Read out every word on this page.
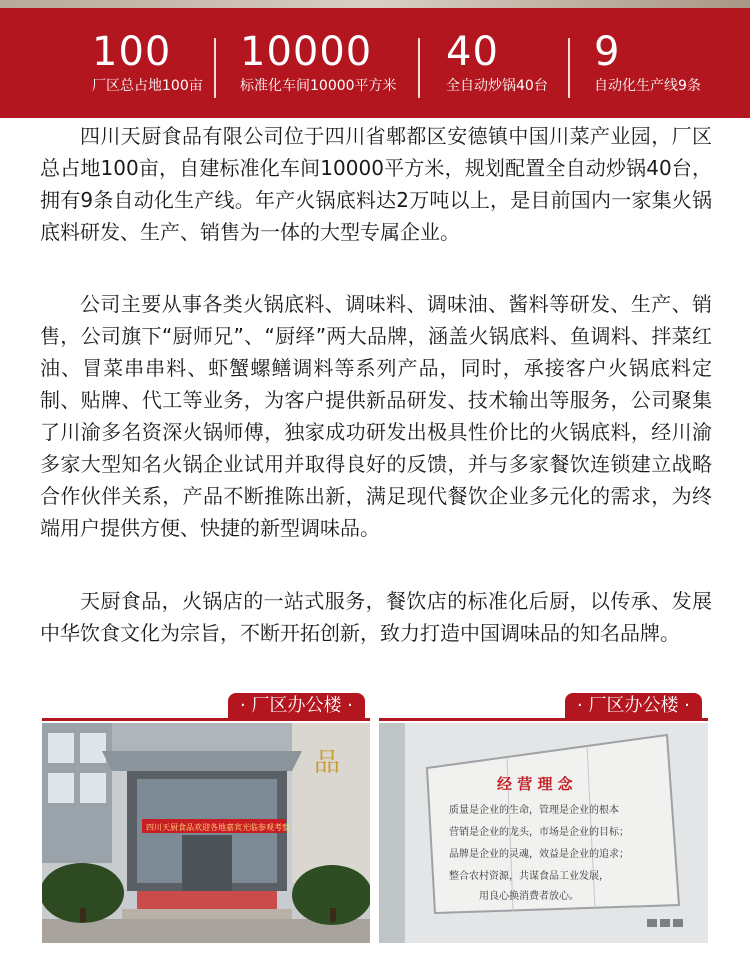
100
厂区总占地100亩
10000
标准化车间10000平方米
40
全自动炒锅40台
9
自动化生产线9条

四川天厨食品有限公司位于四川省郫都区安德镇中国川菜产业园，厂区总占地100亩，自建标准化车间10000平方米，规划配置全自动炒锅40台，拥有9条自动化生产线。年产火锅底料达2万吨以上，是目前国内一家集火锅底料研发、生产、销售为一体的大型专属企业。

公司主要从事各类火锅底料、调味料、调味油、酱料等研发、生产、销售，公司旗下“厨师兄”、“厨绎”两大品牌，涵盖火锅底料、鱼调料、拌菜红油、冒菜串串料、虾蟹螺鳝调料等系列产品，同时，承接客户火锅底料定制、贴牌、代工等业务，为客户提供新品研发、技术输出等服务，公司聚集了川渝多名资深火锅师傅，独家成功研发出极具性价比的火锅底料，经川渝多家大型知名火锅企业试用并取得良好的反馈，并与多家餐饮连锁建立战略合作伙伴关系，产品不断推陈出新，满足现代餐饮企业多元化的需求，为终端用户提供方便、快捷的新型调味品。

天厨食品，火锅店的一站式服务，餐饮店的标准化后厨，以传承、发展中华饮食文化为宗旨，不断开拓创新，致力打造中国调味品的知名品牌。

· 厂区办公楼 ·	· 厂区办公楼 ·
品
四川天厨食品欢迎各地嘉宾光临参观考察
经 营 理 念
质量是企业的生命，管理是企业的根本
营销是企业的龙头，市场是企业的目标；
品牌是企业的灵魂，效益是企业的追求；
整合农村资源，共谋食品工业发展，
用良心换消费者放心。
